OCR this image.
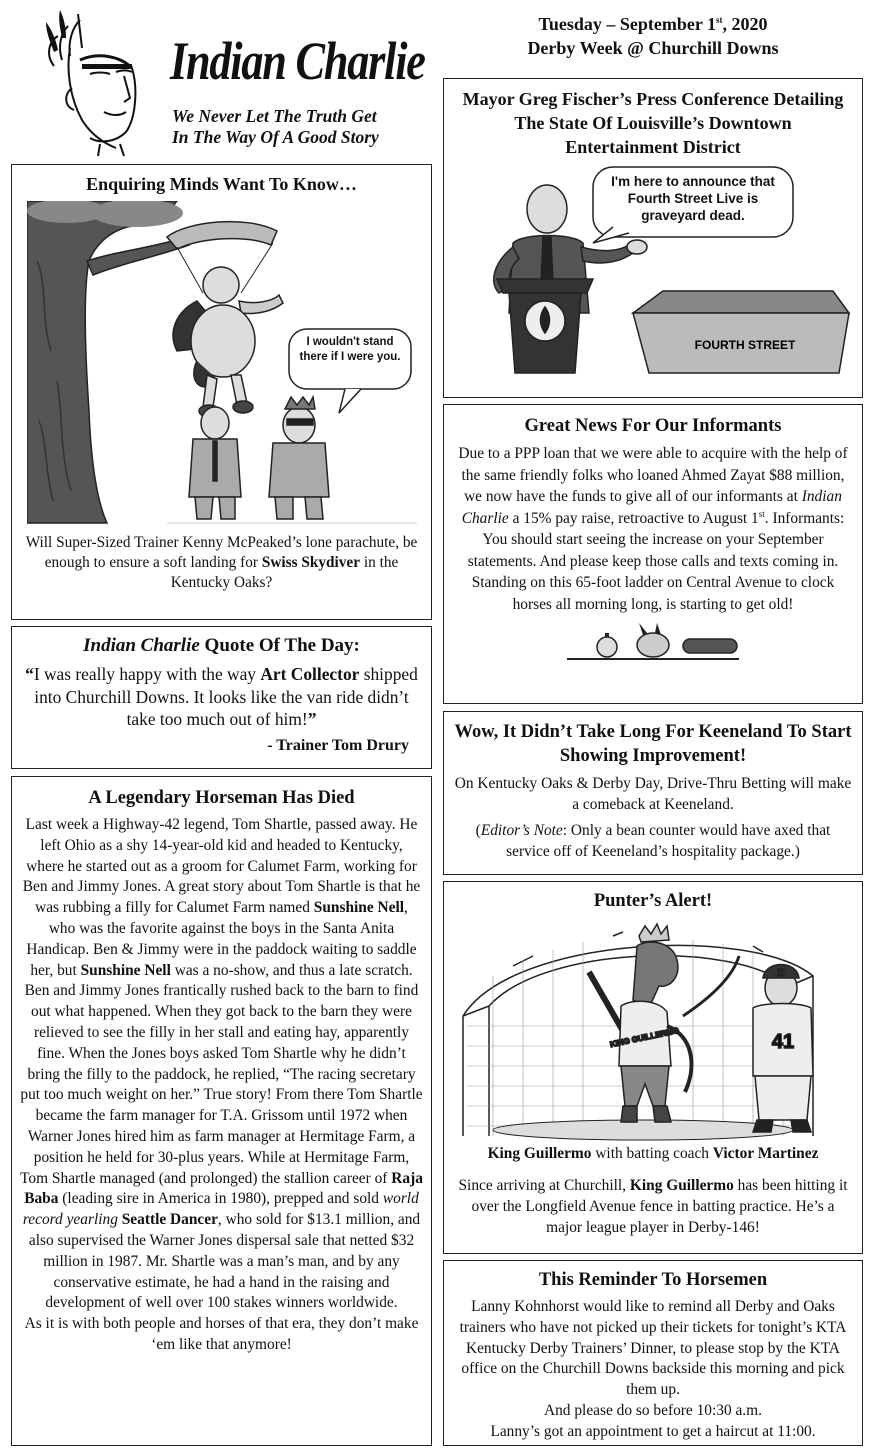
Indian Charlie
We Never Let The Truth Get
In The Way Of A Good Story
Tuesday – September 1st, 2020
Derby Week @ Churchill Downs
Enquiring Minds Want To Know…
I wouldn't stand there if I were you.
Will Super-Sized Trainer Kenny McPeaked’s lone parachute, be enough to ensure a soft landing for Swiss Skydiver in the Kentucky Oaks?
Indian Charlie Quote Of The Day:
“I was really happy with the way Art Collector shipped into Churchill Downs. It looks like the van ride didn’t take too much out of him!”
- Trainer Tom Drury
A Legendary Horseman Has Died

Last week a Highway-42 legend, Tom Shartle, passed away. He left Ohio as a shy 14-year-old kid and headed to Kentucky, where he started out as a groom for Calumet Farm, working for Ben and Jimmy Jones. A great story about Tom Shartle is that he was rubbing a filly for Calumet Farm named Sunshine Nell, who was the favorite against the boys in the Santa Anita Handicap. Ben & Jimmy were in the paddock waiting to saddle her, but Sunshine Nell was a no-show, and thus a late scratch. Ben and Jimmy Jones frantically rushed back to the barn to find out what happened. When they got back to the barn they were relieved to see the filly in her stall and eating hay, apparently fine. When the Jones boys asked Tom Shartle why he didn’t bring the filly to the paddock, he replied, “The racing secretary put too much weight on her.” True story! From there Tom Shartle became the farm manager for T.A. Grissom until 1972 when Warner Jones hired him as farm manager at Hermitage Farm, a position he held for 30-plus years. While at Hermitage Farm, Tom Shartle managed (and prolonged) the stallion career of Raja Baba (leading sire in America in 1980), prepped and sold world record yearling Seattle Dancer, who sold for $13.1 million, and also supervised the Warner Jones dispersal sale that netted $32 million in 1987. Mr. Shartle was a man’s man, and by any conservative estimate, he had a hand in the raising and development of well over 100 stakes winners worldwide.

As it is with both people and horses of that era, they don’t make ‘em like that anymore!

Mayor Greg Fischer’s Press Conference Detailing The State Of Louisville’s Downtown Entertainment District
I'm here to announce that Fourth Street Live is graveyard dead.
FOURTH STREET
Great News For Our Informants
Due to a PPP loan that we were able to acquire with the help of the same friendly folks who loaned Ahmed Zayat $88 million, we now have the funds to give all of our informants at Indian Charlie a 15% pay raise, retroactive to August 1st. Informants: You should start seeing the increase on your September statements. And please keep those calls and texts coming in. Standing on this 65-foot ladder on Central Avenue to clock horses all morning long, is starting to get old!
Wow, It Didn’t Take Long For Keeneland To Start Showing Improvement!
On Kentucky Oaks & Derby Day, Drive-Thru Betting will make a comeback at Keeneland.
(Editor’s Note: Only a bean counter would have axed that service off of Keeneland’s hospitality package.)
Punter’s Alert!
KING GUILLERMO
D
41
King Guillermo with batting coach Victor Martinez
Since arriving at Churchill, King Guillermo has been hitting it over the Longfield Avenue fence in batting practice. He’s a major league player in Derby-146!
This Reminder To Horsemen

Lanny Kohnhorst would like to remind all Derby and Oaks trainers who have not picked up their tickets for tonight’s KTA Kentucky Derby Trainers’ Dinner, to please stop by the KTA office on the Churchill Downs backside this morning and pick them up.

And please do so before 10:30 a.m.

Lanny’s got an appointment to get a haircut at 11:00.
